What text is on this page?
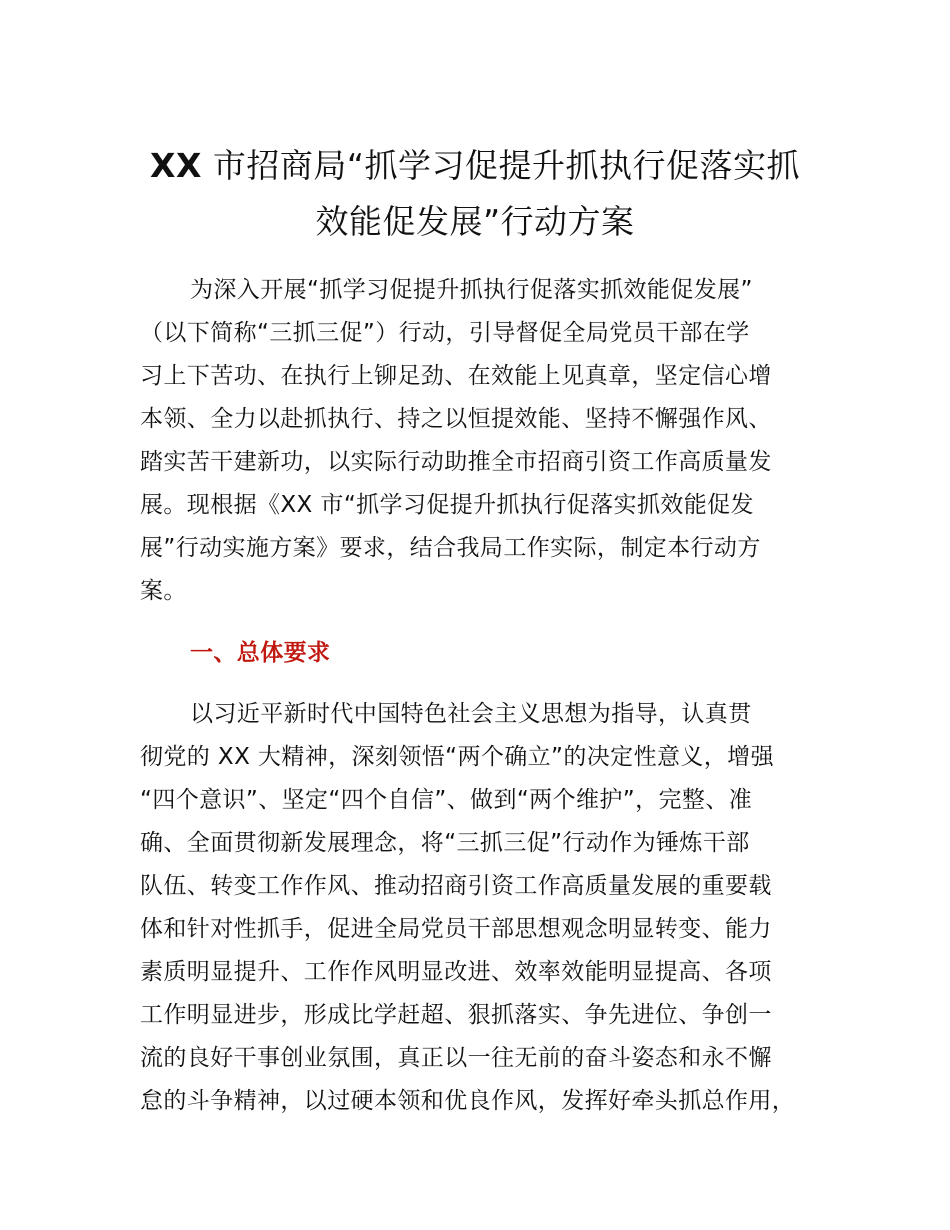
XX 市招商局“抓学习促提升抓执行促落实抓
效能促发展”行动方案

为深入开展“抓学习促提升抓执行促落实抓效能促发展”
（以下简称“三抓三促”）行动，引导督促全局党员干部在学
习上下苦功、在执行上铆足劲、在效能上见真章，坚定信心增
本领、全力以赴抓执行、持之以恒提效能、坚持不懈强作风、
踏实苦干建新功，以实际行动助推全市招商引资工作高质量发
展。现根据《XX 市“抓学习促提升抓执行促落实抓效能促发
展”行动实施方案》要求，结合我局工作实际，制定本行动方
案。

一、总体要求

以习近平新时代中国特色社会主义思想为指导，认真贯
彻党的 XX 大精神，深刻领悟“两个确立”的决定性意义，增强
“四个意识”、坚定“四个自信”、做到“两个维护”，完整、准
确、全面贯彻新发展理念，将“三抓三促”行动作为锤炼干部
队伍、转变工作作风、推动招商引资工作高质量发展的重要载
体和针对性抓手，促进全局党员干部思想观念明显转变、能力
素质明显提升、工作作风明显改进、效率效能明显提高、各项
工作明显进步，形成比学赶超、狠抓落实、争先进位、争创一
流的良好干事创业氛围，真正以一往无前的奋斗姿态和永不懈
怠的斗争精神，以过硬本领和优良作风，发挥好牵头抓总作用，
